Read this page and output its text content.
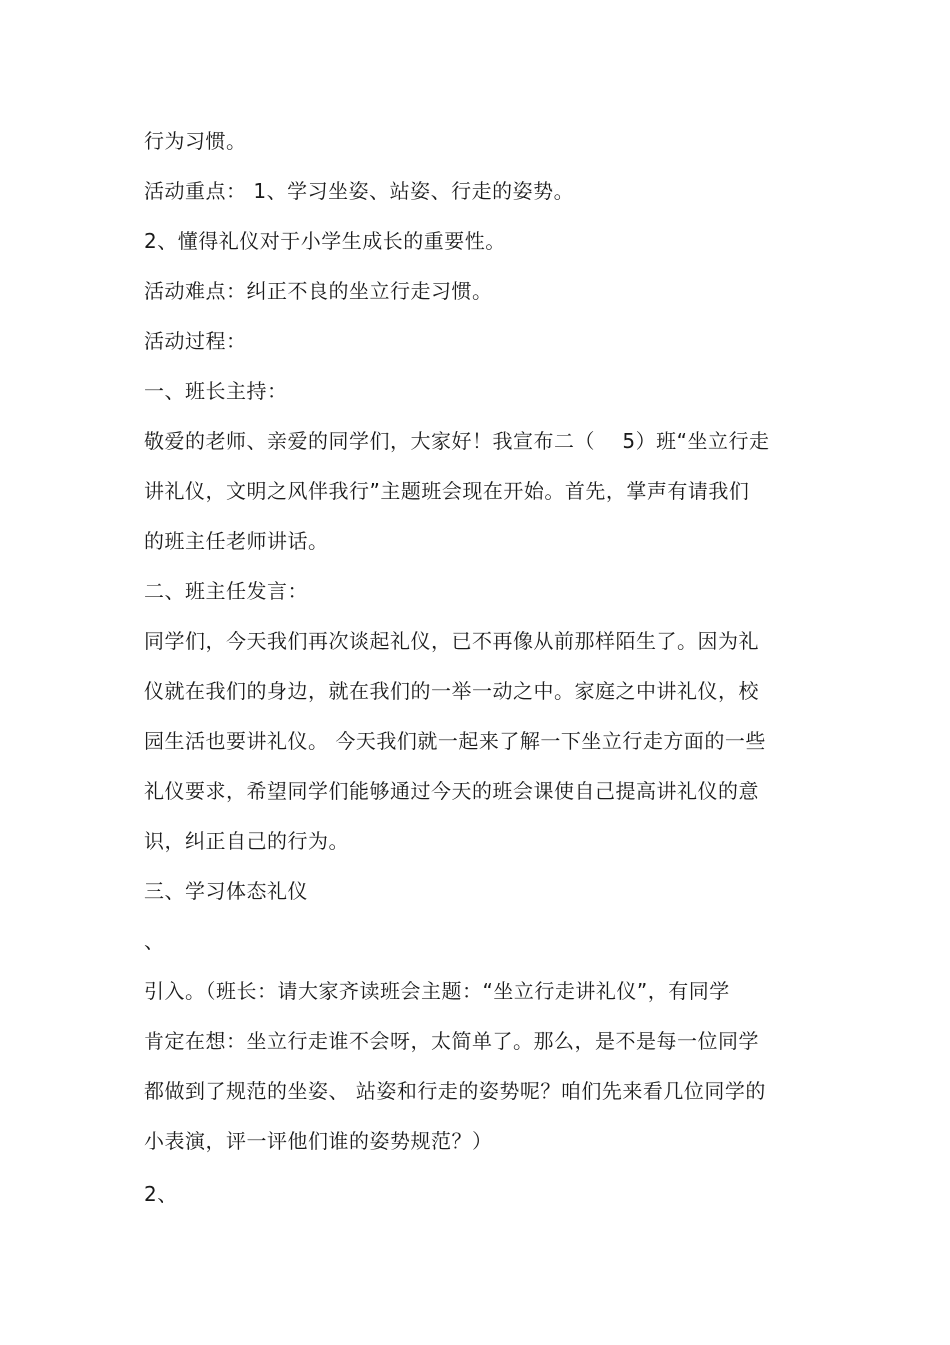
行为习惯。

活动重点： 1、学习坐姿、站姿、行走的姿势。

2、懂得礼仪对于小学生成长的重要性。

活动难点：纠正不良的坐立行走习惯。

活动过程：

一、班长主持：

敬爱的老师、亲爱的同学们，大家好！我宣布二（　 5）班“坐立行走

讲礼仪，文明之风伴我行”主题班会现在开始。首先，掌声有请我们

的班主任老师讲话。

二、班主任发言：

同学们，今天我们再次谈起礼仪，已不再像从前那样陌生了。因为礼

仪就在我们的身边，就在我们的一举一动之中。家庭之中讲礼仪，校

园生活也要讲礼仪。 今天我们就一起来了解一下坐立行走方面的一些

礼仪要求，希望同学们能够通过今天的班会课使自己提高讲礼仪的意

识，纠正自己的行为。

三、学习体态礼仪

、

引入。（班长：请大家齐读班会主题：“坐立行走讲礼仪”，有同学

肯定在想：坐立行走谁不会呀，太简单了。那么，是不是每一位同学

都做到了规范的坐姿、 站姿和行走的姿势呢？咱们先来看几位同学的

小表演，评一评他们谁的姿势规范？）

2、
